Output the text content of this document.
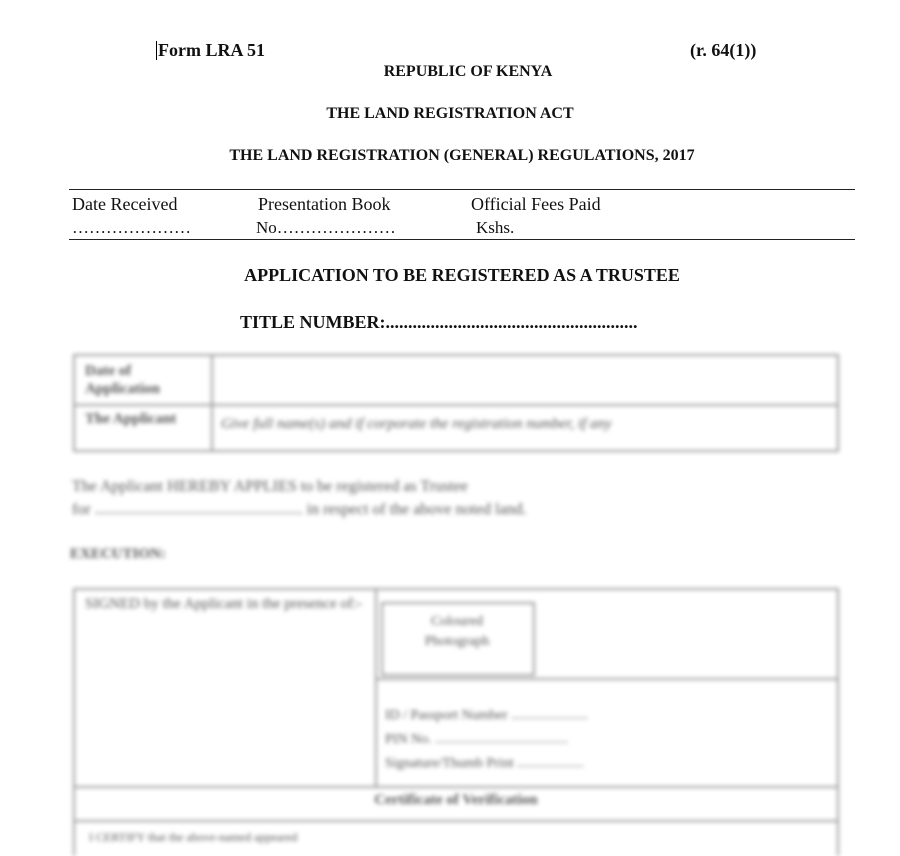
Form LRA 51	(r. 64(1))
REPUBLIC OF KENYA
THE LAND REGISTRATION ACT
THE LAND REGISTRATION (GENERAL) REGULATIONS, 2017
Date Received
…………………
Presentation Book
No…………………
Official Fees Paid
Kshs.
APPLICATION TO BE REGISTERED AS A TRUSTEE
TITLE NUMBER:........................................................
Date of Application
The Applicant	Give full name(s) and if corporate the registration number, if any
The Applicant HEREBY APPLIES to be registered as Trustee
for .................................................... in respect of the above noted land.
EXECUTION:
SIGNED by the Applicant in the presence of:-
Coloured Photograph
ID / Passport Number ......................
PIN No. ......................................
Signature/Thumb Print ...................
Certificate of Verification
I CERTIFY that the above-named appeared
